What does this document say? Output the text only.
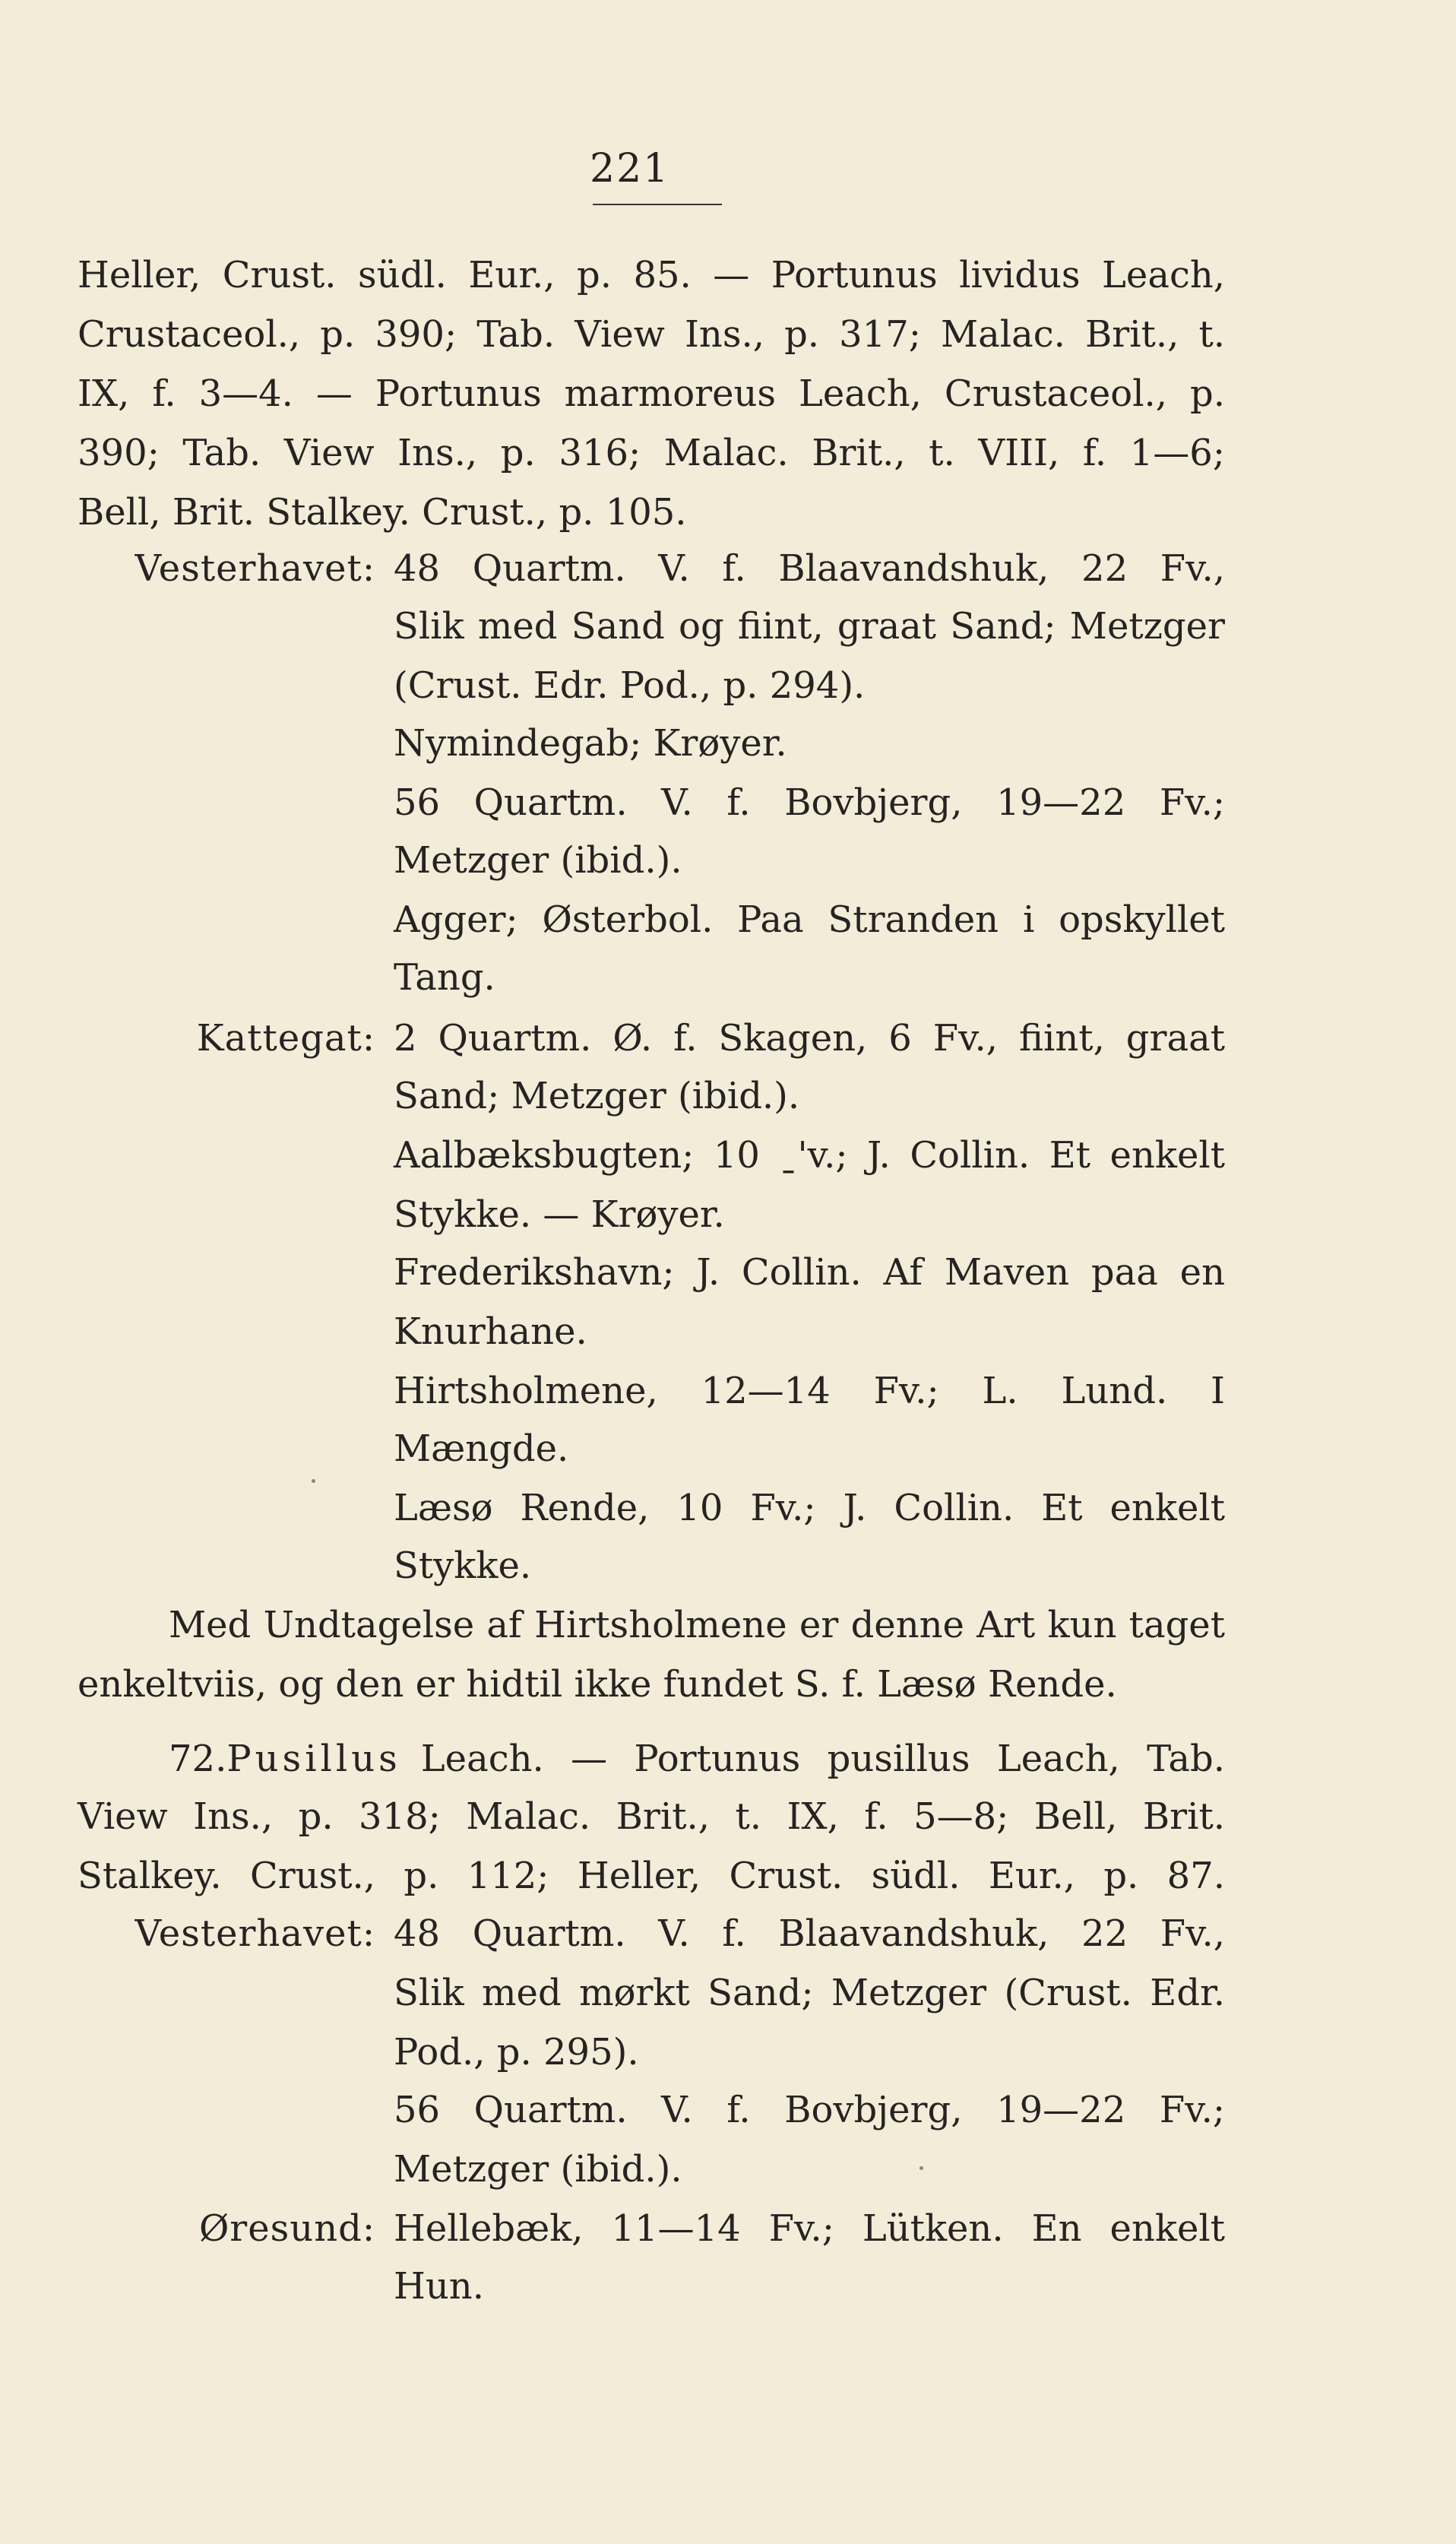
221
Heller, Crust. südl. Eur., p. 85. — Portunus lividus Leach,
Crustaceol., p. 390; Tab. View Ins., p. 317; Malac. Brit., t.
IX, f. 3—4. — Portunus marmoreus Leach, Crustaceol., p.
390; Tab. View Ins., p. 316; Malac. Brit., t. VIII, f. 1—6;
Bell, Brit. Stalkey. Crust., p. 105.
Vesterhavet: 48 Quartm. V. f. Blaavandshuk, 22 Fv.,
Slik med Sand og fiint, graat Sand; Metzger
(Crust. Edr. Pod., p. 294).
Nymindegab; Krøyer.
56 Quartm. V. f. Bovbjerg, 19—22 Fv.;
Metzger (ibid.).
Agger; Østerbol. Paa Stranden i opskyllet
Tang.
Kattegat: 2 Quartm. Ø. f. Skagen, 6 Fv., fiint, graat
Sand; Metzger (ibid.).
Aalbæksbugten; 10 ˍ'v.; J. Collin. Et enkelt
Stykke. — Krøyer.
Frederikshavn; J. Collin. Af Maven paa en
Knurhane.
Hirtsholmene, 12—14 Fv.; L. Lund. I
Mængde.
Læsø Rende, 10 Fv.; J. Collin. Et enkelt
Stykke.
Med Undtagelse af Hirtsholmene er denne Art kun taget
enkeltviis, og den er hidtil ikke fundet S. f. Læsø Rende.
72. Pusillus Leach. — Portunus pusillus Leach, Tab.
View Ins., p. 318; Malac. Brit., t. IX, f. 5—8; Bell, Brit.
Stalkey. Crust., p. 112; Heller, Crust. südl. Eur., p. 87.
Vesterhavet: 48 Quartm. V. f. Blaavandshuk, 22 Fv.,
Slik med mørkt Sand; Metzger (Crust. Edr.
Pod., p. 295).
56 Quartm. V. f. Bovbjerg, 19—22 Fv.;
Metzger (ibid.).
Øresund: Hellebæk, 11—14 Fv.; Lütken. En enkelt
Hun.
